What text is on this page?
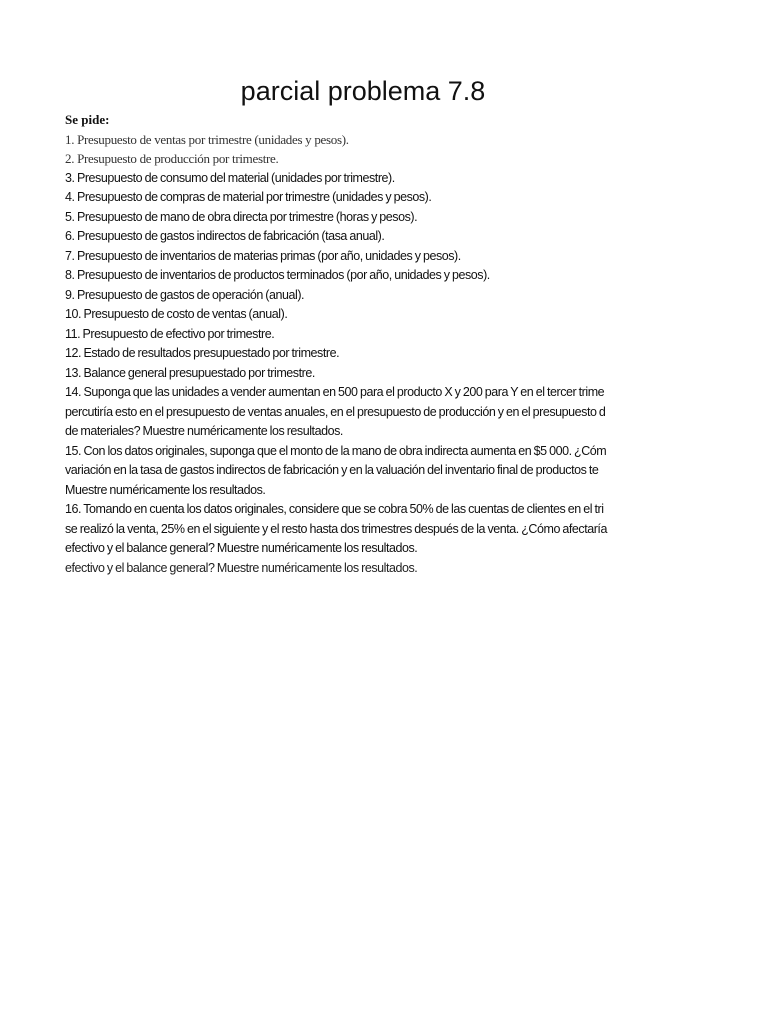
parcial problema 7.8
Se pide:
1. Presupuesto de ventas por trimestre (unidades y pesos).
2. Presupuesto de producción por trimestre.
3. Presupuesto de consumo del material (unidades por trimestre).
4. Presupuesto de compras de material por trimestre (unidades y pesos).
5. Presupuesto de mano de obra directa por trimestre (horas y pesos).
6. Presupuesto de gastos indirectos de fabricación (tasa anual).
7. Presupuesto de inventarios de materias primas (por año, unidades y pesos).
8. Presupuesto de inventarios de productos terminados (por año, unidades y pesos).
9. Presupuesto de gastos de operación (anual).
10. Presupuesto de costo de ventas (anual).
11. Presupuesto de efectivo por trimestre.
12. Estado de resultados presupuestado por trimestre.
13. Balance general presupuestado por trimestre.
14. Suponga que las unidades a vender aumentan en 500 para el producto X y 200 para Y en el tercer trime
percutiría esto en el presupuesto de ventas anuales, en el presupuesto de producción y en el presupuesto d
de materiales? Muestre numéricamente los resultados.
15. Con los datos originales, suponga que el monto de la mano de obra indirecta aumenta en $5 000. ¿Cóm
variación en la tasa de gastos indirectos de fabricación y en la valuación del inventario final de productos te
Muestre numéricamente los resultados.
16. Tomando en cuenta los datos originales, considere que se cobra 50% de las cuentas de clientes en el tri
se realizó la venta, 25% en el siguiente y el resto hasta dos trimestres después de la venta. ¿Cómo afectaría
efectivo y el balance general? Muestre numéricamente los resultados.
efectivo y el balance general? Muestre numéricamente los resultados.
